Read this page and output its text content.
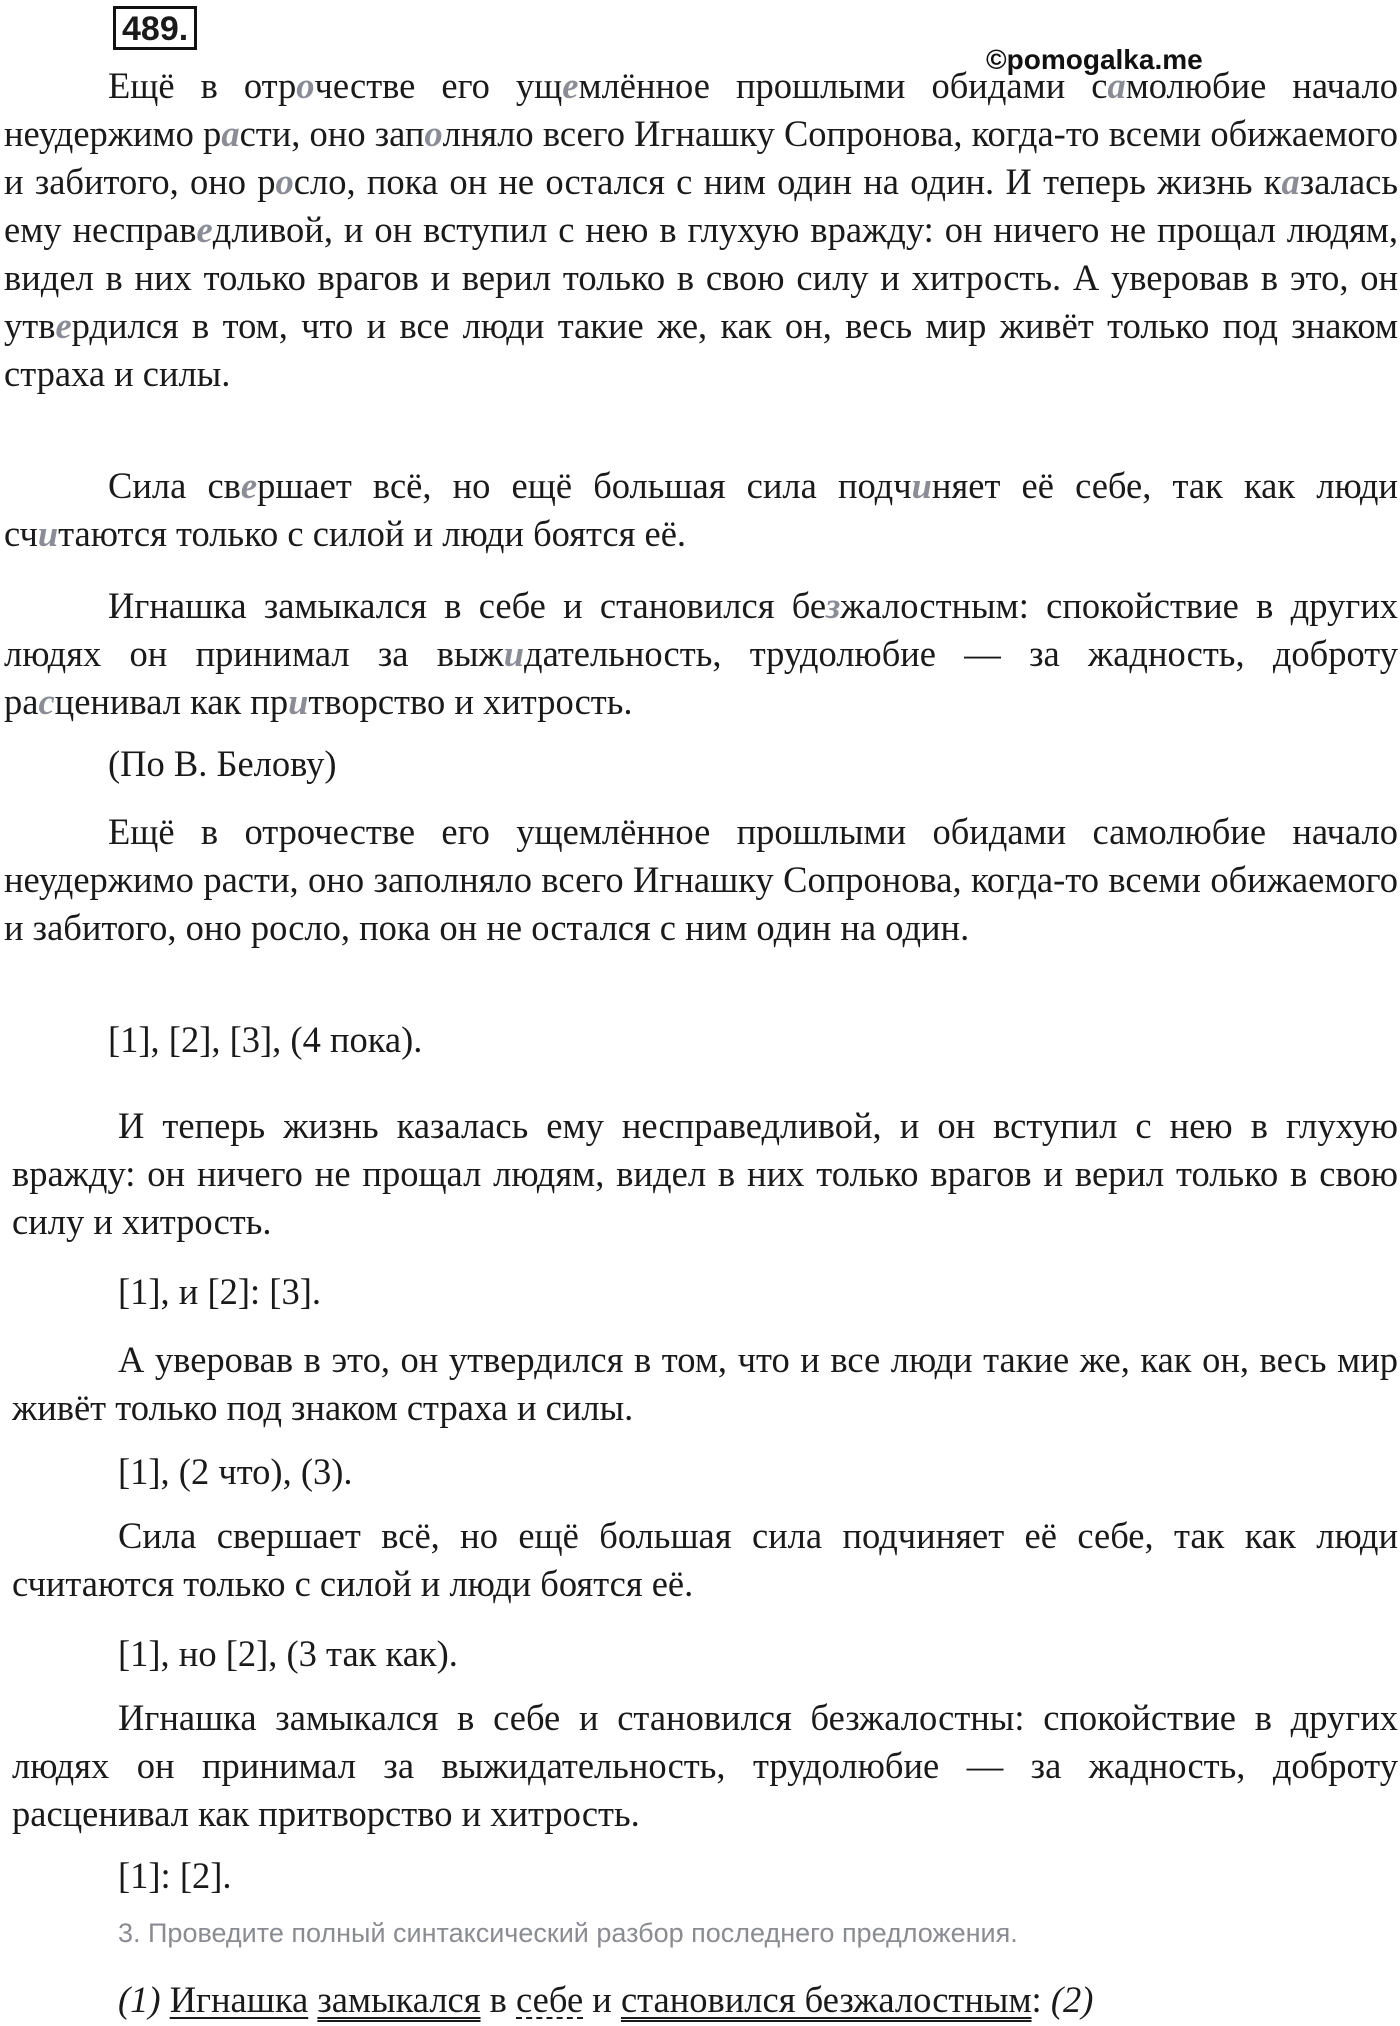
489.
©pomogalka.me

Ещё в отрочестве его ущемлённое прошлыми обидами самолюбие начало неудержимо расти, оно заполняло всего Игнашку Сопронова, когда-то всеми обижаемого и забитого, оно росло, пока он не остался с ним один на один. И теперь жизнь казалась ему несправедливой, и он вступил с нею в глухую вражду: он ничего не прощал людям, видел в них только врагов и верил только в свою силу и хитрость. А уверовав в это, он утвердился в том, что и все люди такие же, как он, весь мир живёт только под знаком страха и силы.

Сила свершает всё, но ещё большая сила подчиняет её себе, так как люди считаются только с силой и люди боятся её.

Игнашка замыкался в себе и становился безжалостным: спокойствие в других людях он принимал за выжидательность, трудолюбие — за жадность, доброту расценивал как притворство и хитрость.

(По В. Белову)

Ещё в отрочестве его ущемлённое прошлыми обидами самолюбие начало неудержимо расти, оно заполняло всего Игнашку Сопронова, когда-то всеми обижаемого и забитого, оно росло, пока он не остался с ним один на один.

[1], [2], [3], (4 пока).

И теперь жизнь казалась ему несправедливой, и он вступил с нею в глухую вражду: он ничего не прощал людям, видел в них только врагов и верил только в свою силу и хитрость.

[1], и [2]: [3].

А уверовав в это, он утвердился в том, что и все люди такие же, как он, весь мир живёт только под знаком страха и силы.

[1], (2 что), (3).

Сила свершает всё, но ещё большая сила подчиняет её себе, так как люди считаются только с силой и люди боятся её.

[1], но [2], (3 так как).

Игнашка замыкался в себе и становился безжалостны: спокойствие в других людях он принимал за выжидательность, трудолюбие — за жадность, доброту расценивал как притворство и хитрость.

[1]: [2].

3. Проведите полный синтаксический разбор последнего предложения.

(1) Игнашка замыкался в себе и становился безжалостным: (2)
